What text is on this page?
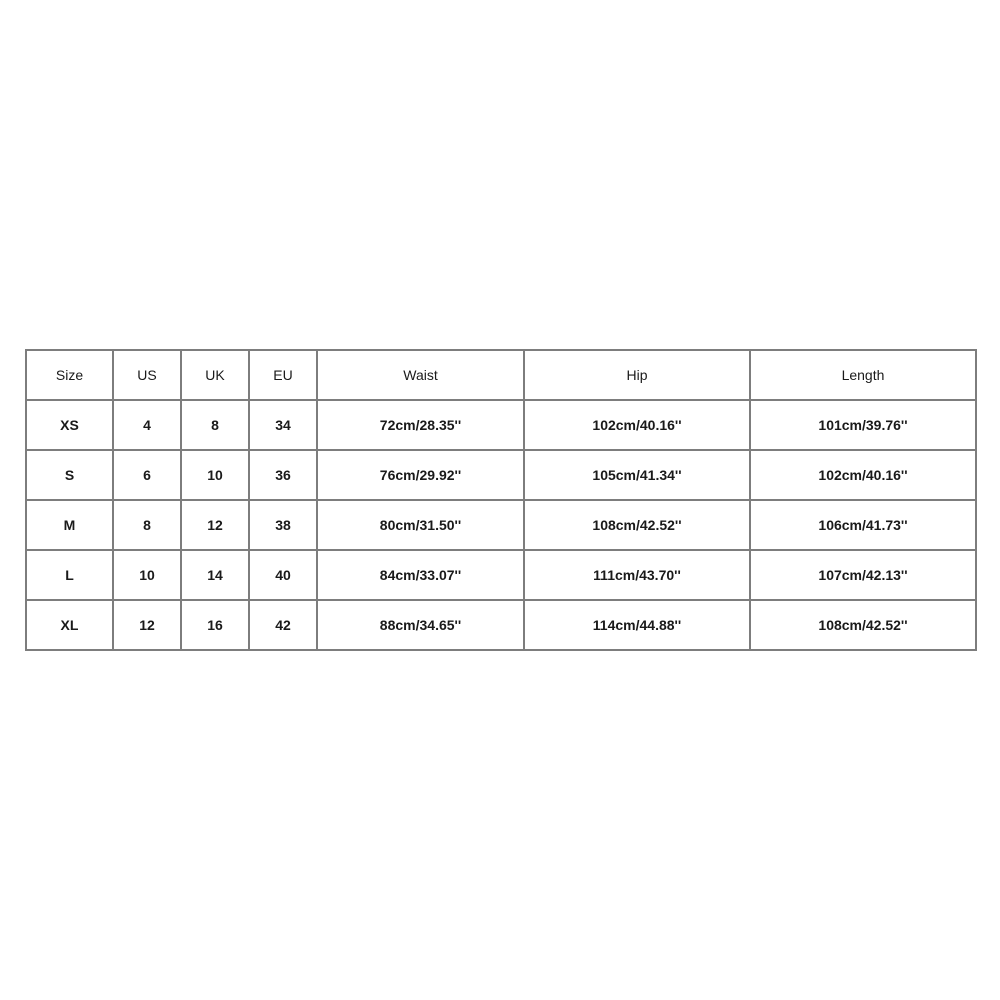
Size	US	UK	EU	Waist	Hip	Length
XS	4	8	34	72cm/28.35''	102cm/40.16''	101cm/39.76''
S	6	10	36	76cm/29.92''	105cm/41.34''	102cm/40.16''
M	8	12	38	80cm/31.50''	108cm/42.52''	106cm/41.73''
L	10	14	40	84cm/33.07''	111cm/43.70''	107cm/42.13''
XL	12	16	42	88cm/34.65''	114cm/44.88''	108cm/42.52''
